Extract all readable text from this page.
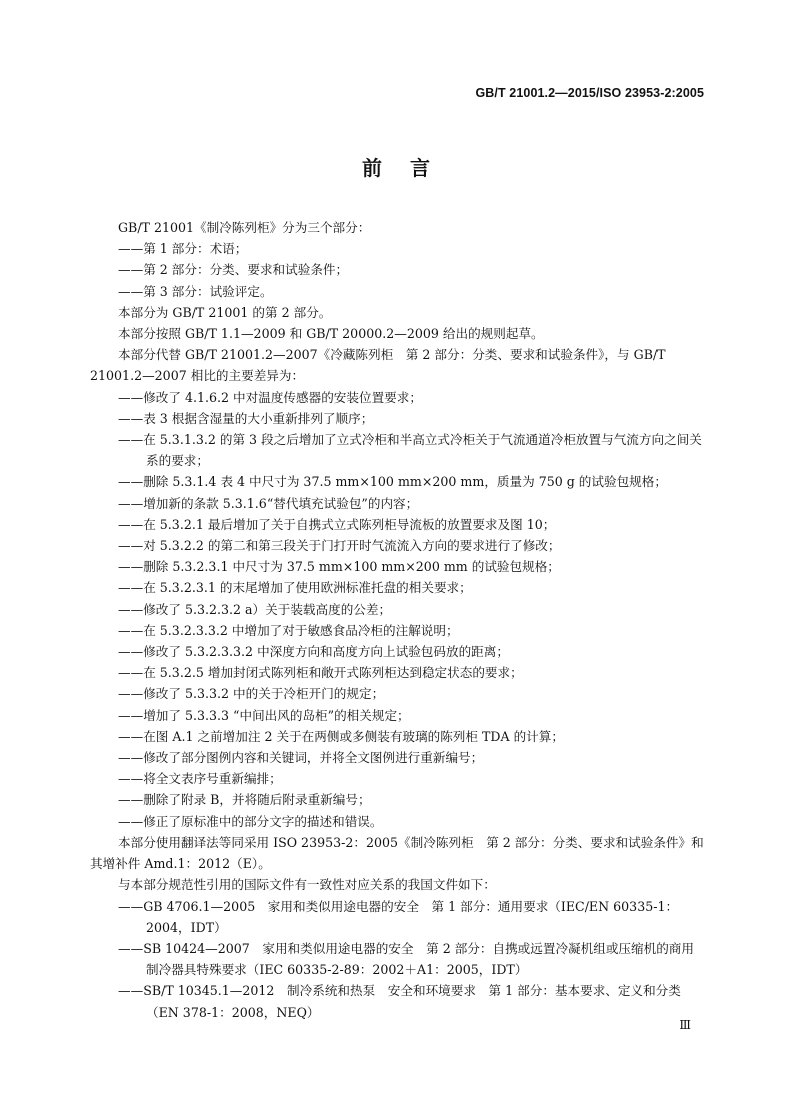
GB/T 21001.2—2015/ISO 23953-2:2005
前言

GB/T 21001《制冷陈列柜》分为三个部分：

——第 1 部分：术语；

——第 2 部分：分类、要求和试验条件；

——第 3 部分：试验评定。

本部分为 GB/T 21001 的第 2 部分。

本部分按照 GB/T 1.1—2009 和 GB/T 20000.2—2009 给出的规则起草。

本部分代替 GB/T 21001.2—2007《冷藏陈列柜　第 2 部分：分类、要求和试验条件》，与 GB/T 21001.2—2007 相比的主要差异为：

——修改了 4.1.6.2 中对温度传感器的安装位置要求；

——表 3 根据含湿量的大小重新排列了顺序；

——在 5.3.1.3.2 的第 3 段之后增加了立式冷柜和半高立式冷柜关于气流通道冷柜放置与气流方向之间关系的要求；

——删除 5.3.1.4 表 4 中尺寸为 37.5 mm×100 mm×200 mm，质量为 750 g 的试验包规格；

——增加新的条款 5.3.1.6“替代填充试验包”的内容；

——在 5.3.2.1 最后增加了关于自携式立式陈列柜导流板的放置要求及图 10；

——对 5.3.2.2 的第二和第三段关于门打开时气流流入方向的要求进行了修改；

——删除 5.3.2.3.1 中尺寸为 37.5 mm×100 mm×200 mm 的试验包规格；

——在 5.3.2.3.1 的末尾增加了使用欧洲标准托盘的相关要求；

——修改了 5.3.2.3.2 a）关于装载高度的公差；

——在 5.3.2.3.3.2 中增加了对于敏感食品冷柜的注解说明；

——修改了 5.3.2.3.3.2 中深度方向和高度方向上试验包码放的距离；

——在 5.3.2.5 增加封闭式陈列柜和敞开式陈列柜达到稳定状态的要求；

——修改了 5.3.3.2 中的关于冷柜开门的规定；

——增加了 5.3.3.3 “中间出风的岛柜”的相关规定；

——在图 A.1 之前增加注 2 关于在两侧或多侧装有玻璃的陈列柜 TDA 的计算；

——修改了部分图例内容和关键词，并将全文图例进行重新编号；

——将全文表序号重新编排；

——删除了附录 B，并将随后附录重新编号；

——修正了原标准中的部分文字的描述和错误。

本部分使用翻译法等同采用 ISO 23953-2：2005《制冷陈列柜　第 2 部分：分类、要求和试验条件》和其增补件 Amd.1：2012（E）。

与本部分规范性引用的国际文件有一致性对应关系的我国文件如下：

——GB 4706.1—2005　家用和类似用途电器的安全　第 1 部分：通用要求（IEC/EN 60335-1：2004，IDT）

——SB 10424—2007　家用和类似用途电器的安全　第 2 部分：自携或远置冷凝机组或压缩机的商用制冷器具特殊要求（IEC 60335-2-89：2002＋A1：2005，IDT）

——SB/T 10345.1—2012　制冷系统和热泵　安全和环境要求　第 1 部分：基本要求、定义和分类（EN 378-1：2008，NEQ）

Ⅲ
